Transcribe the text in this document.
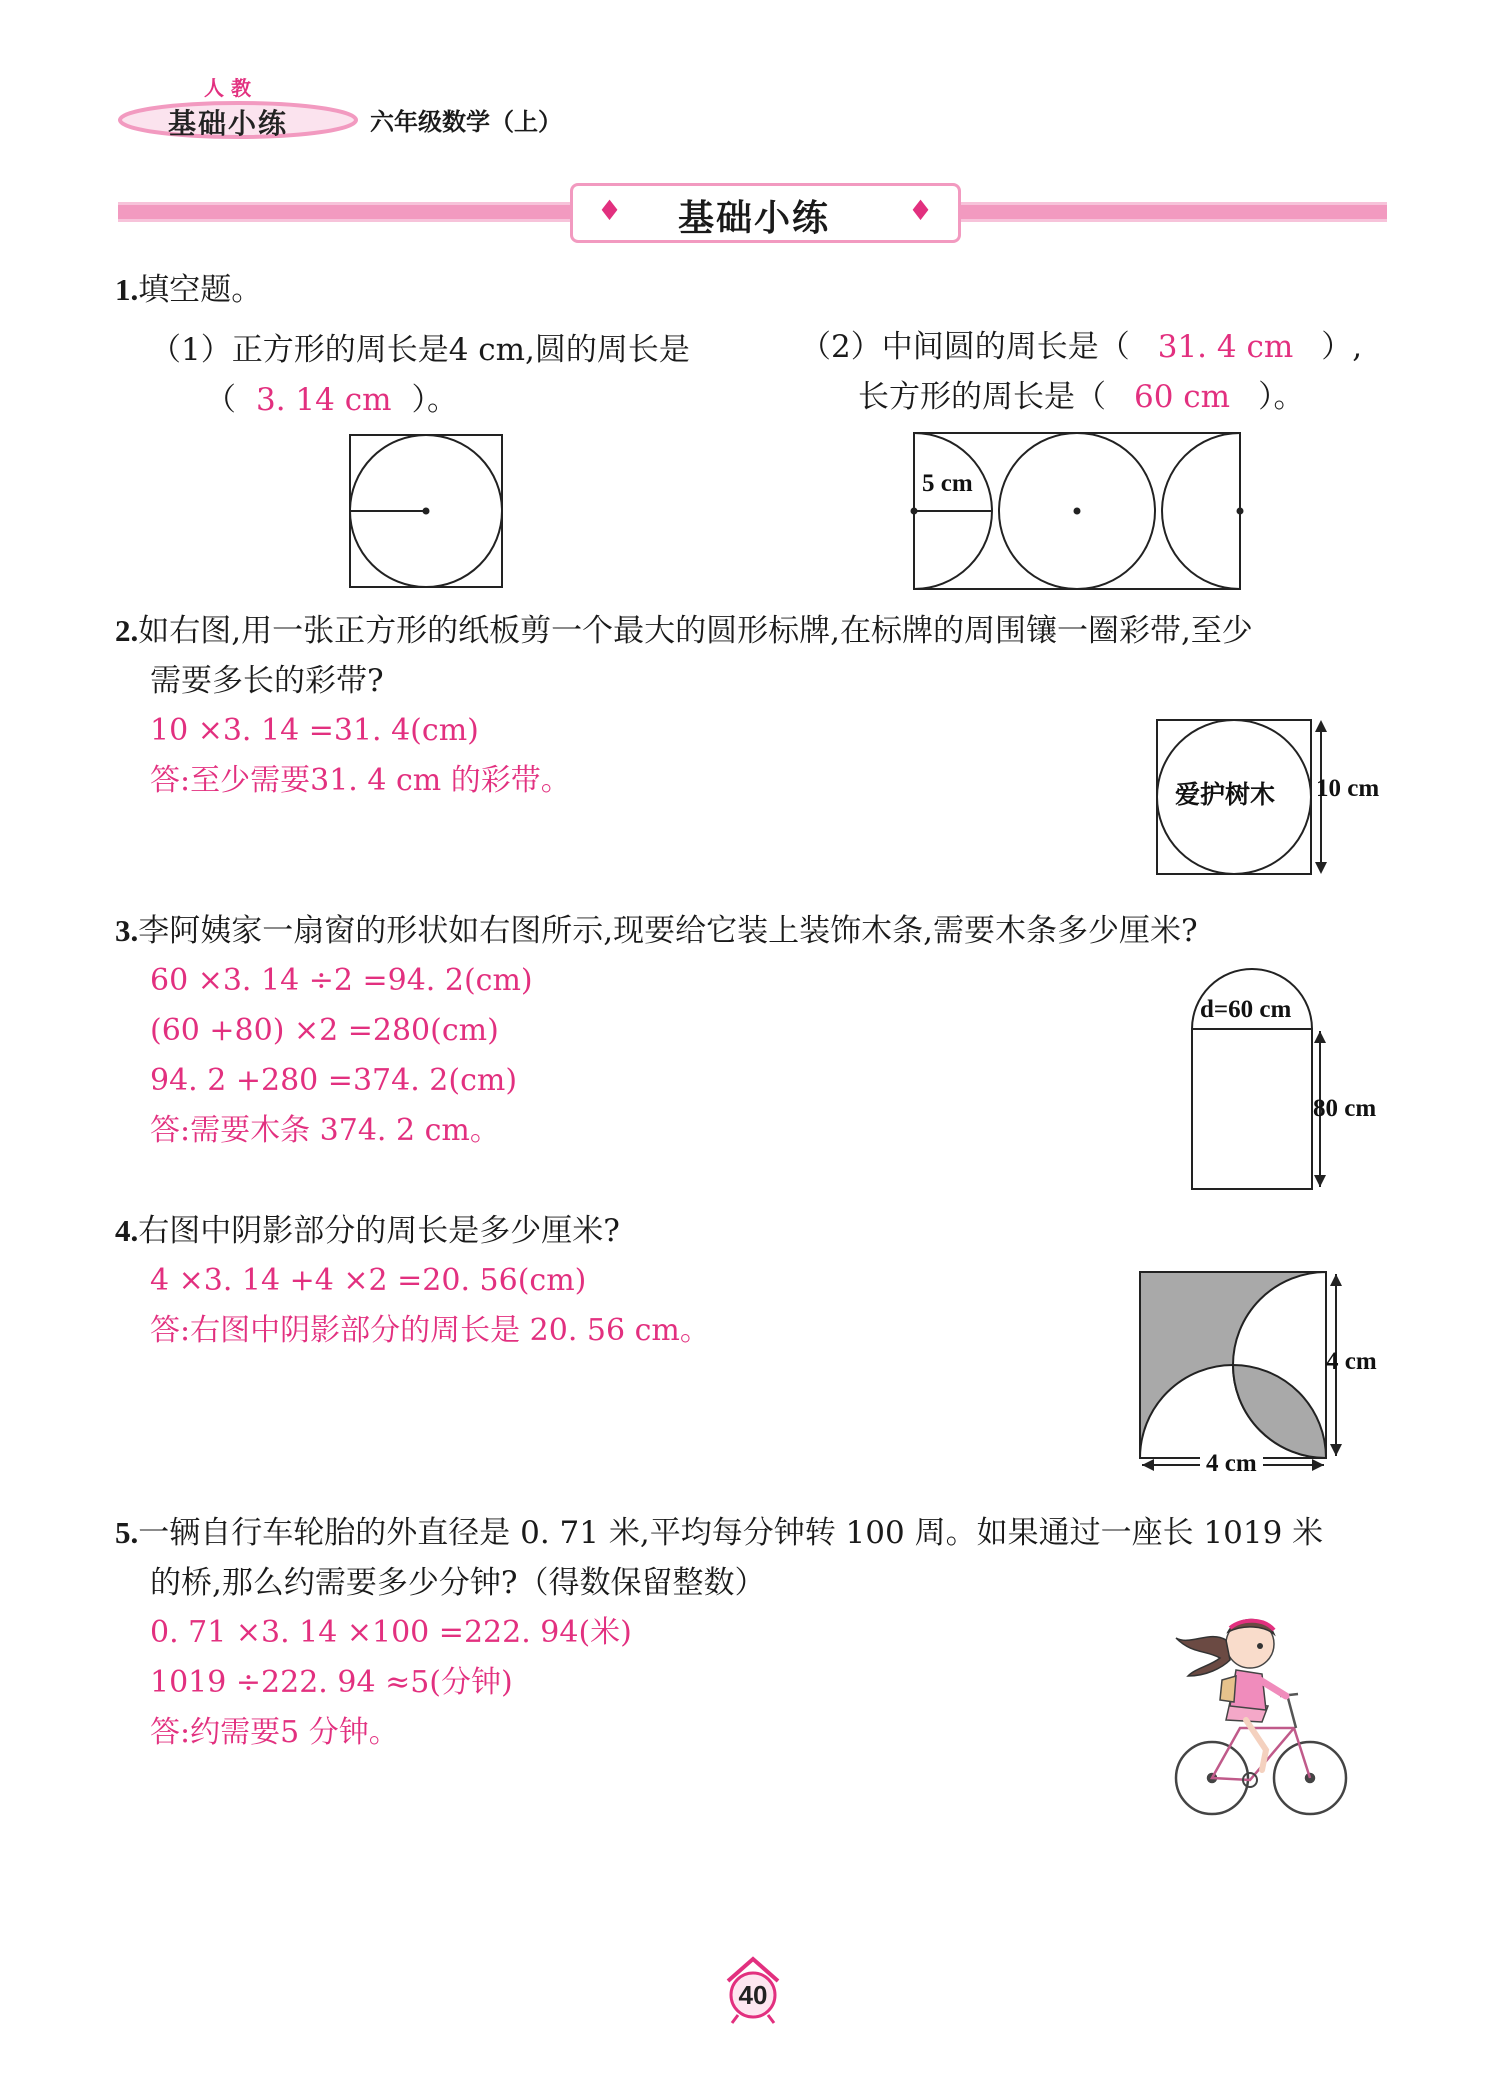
人 教
基础小练	六年级数学（上）
♦ 基础小练	♦
1.填空题。
（1）正方形的周长是4 cm,圆的周长是
（ 3. 14 cm ）。
（2）中间圆的周长是（ 31. 4 cm ）,
长方形的周长是（ 60 cm ）。
5 cm
2.如右图,用一张正方形的纸板剪一个最大的圆形标牌,在标牌的周围镶一圈彩带,至少
需要多长的彩带?
10 ×3. 14 =31. 4(cm)
答:至少需要31. 4 cm 的彩带。	爱护树木 10 cm
3.李阿姨家一扇窗的形状如右图所示,现要给它装上装饰木条,需要木条多少厘米?
60 ×3. 14 ÷2 =94. 2(cm)
(60 +80) ×2 =280(cm)
94. 2 +280 =374. 2(cm)
答:需要木条 374. 2 cm。
d=60 cm
80 cm
4.右图中阴影部分的周长是多少厘米?
4 ×3. 14 +4 ×2 =20. 56(cm)
答:右图中阴影部分的周长是 20. 56 cm。
4 cm
4 cm
5.一辆自行车轮胎的外直径是 0. 71 米,平均每分钟转 100 周。如果通过一座长 1019 米
的桥,那么约需要多少分钟?（得数保留整数）
0. 71 ×3. 14 ×100 =222. 94(米)
1019 ÷222. 94 ≈5(分钟)
答:约需要5 分钟。
40
